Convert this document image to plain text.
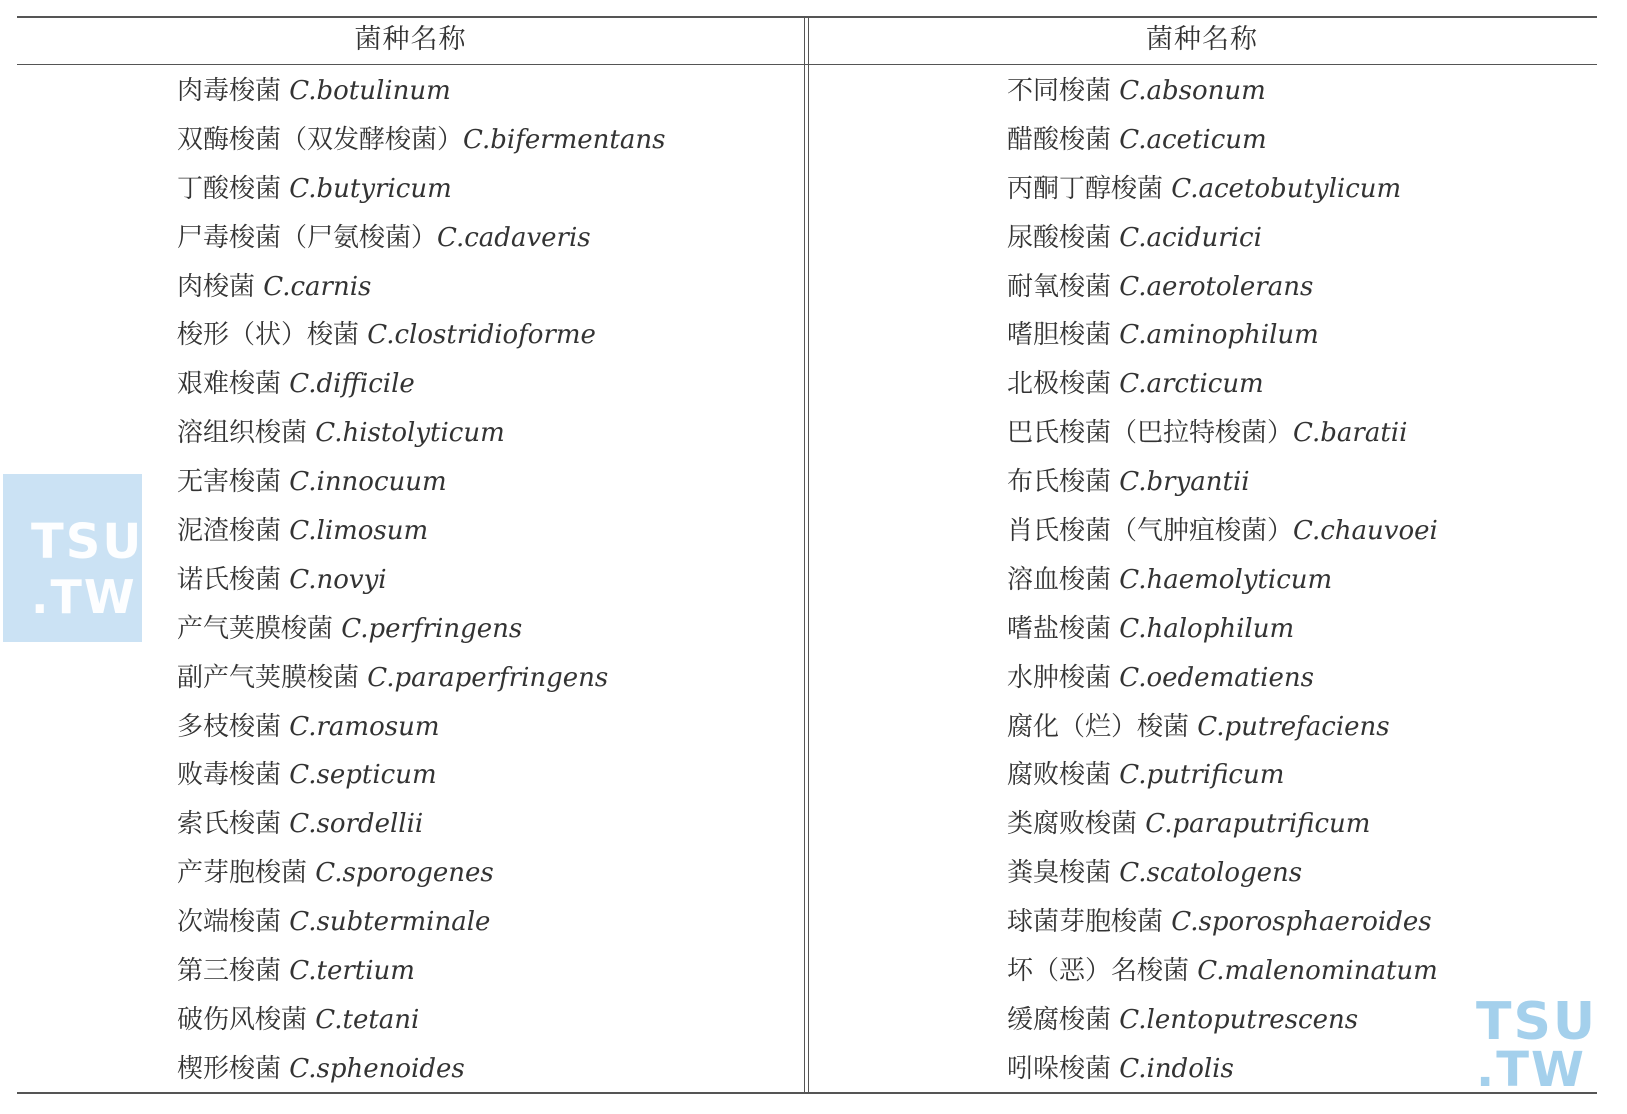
菌种名称	菌种名称
肉毒梭菌 C.botulinum
双酶梭菌（双发酵梭菌）C.bifermentans
丁酸梭菌 C.butyricum
尸毒梭菌（尸氨梭菌）C.cadaveris
肉梭菌 C.carnis
梭形（状）梭菌 C.clostridioforme
艰难梭菌 C.difficile
溶组织梭菌 C.histolyticum
无害梭菌 C.innocuum
泥渣梭菌 C.limosum
诺氏梭菌 C.novyi
产气荚膜梭菌 C.perfringens
副产气荚膜梭菌 C.paraperfringens
多枝梭菌 C.ramosum
败毒梭菌 C.septicum
索氏梭菌 C.sordellii
产芽胞梭菌 C.sporogenes
次端梭菌 C.subterminale
第三梭菌 C.tertium
破伤风梭菌 C.tetani
楔形梭菌 C.sphenoides
不同梭菌 C.absonum
醋酸梭菌 C.aceticum
丙酮丁醇梭菌 C.acetobutylicum
尿酸梭菌 C.acidurici
耐氧梭菌 C.aerotolerans
嗜胆梭菌 C.aminophilum
北极梭菌 C.arcticum
巴氏梭菌（巴拉特梭菌）C.baratii
布氏梭菌 C.bryantii
肖氏梭菌（气肿疽梭菌）C.chauvoei
溶血梭菌 C.haemolyticum
嗜盐梭菌 C.halophilum
水肿梭菌 C.oedematiens
腐化（烂）梭菌 C.putrefaciens
腐败梭菌 C.putrificum
类腐败梭菌 C.paraputrificum
粪臭梭菌 C.scatologens
球菌芽胞梭菌 C.sporosphaeroides
坏（恶）名梭菌 C.malenominatum
缓腐梭菌 C.lentoputrescens
吲哚梭菌 C.indolis
TSU
.TW
TSU
.TW
